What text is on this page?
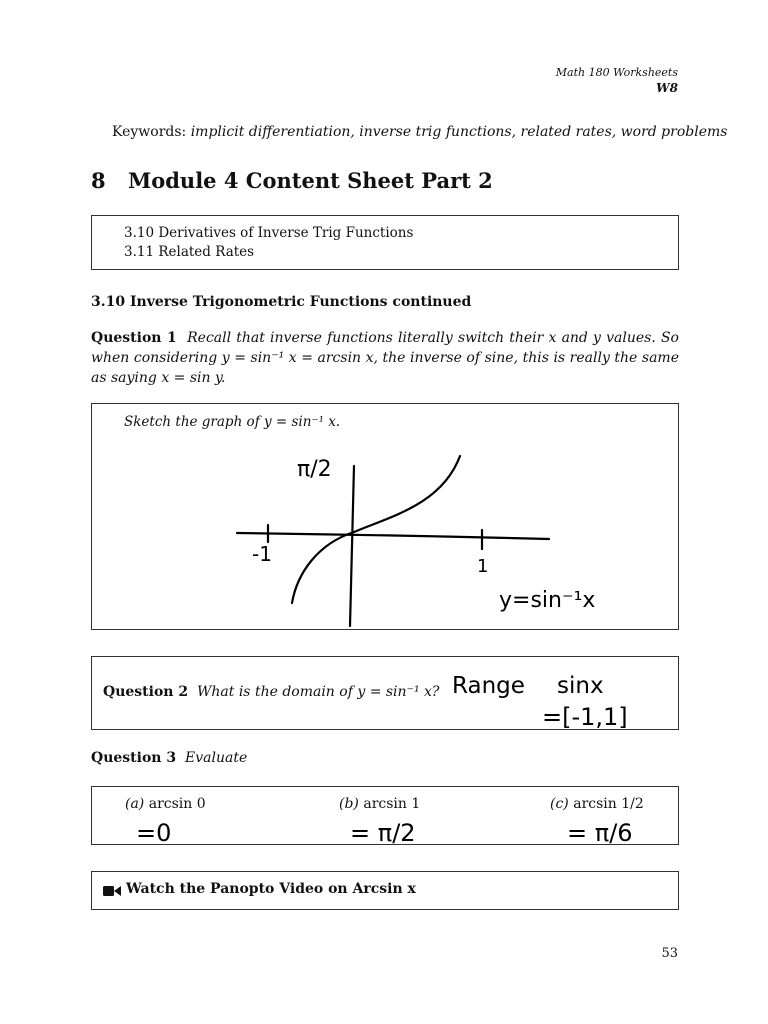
Math 180 Worksheets
W8
Keywords: implicit differentiation, inverse trig functions, related rates, word problems
8 Module 4 Content Sheet Part 2
3.10 Derivatives of Inverse Trig Functions
3.11 Related Rates
3.10 Inverse Trigonometric Functions continued
Question 1 Recall that inverse functions literally switch their x and y values. So when considering y = sin⁻¹ x = arcsin x, the inverse of sine, this is really the same as saying x = sin y.
Sketch the graph of y = sin⁻¹ x.
π/2
-1
1
y=sin⁻¹x
Question 2 What is the domain of y = sin⁻¹ x? Range sinx
=[-1,1]
Question 3 Evaluate
(a) arcsin 0	(b) arcsin 1	(c) arcsin 1/2
=0	= π/2	= π/6
Watch the Panopto Video on Arcsin x
53
